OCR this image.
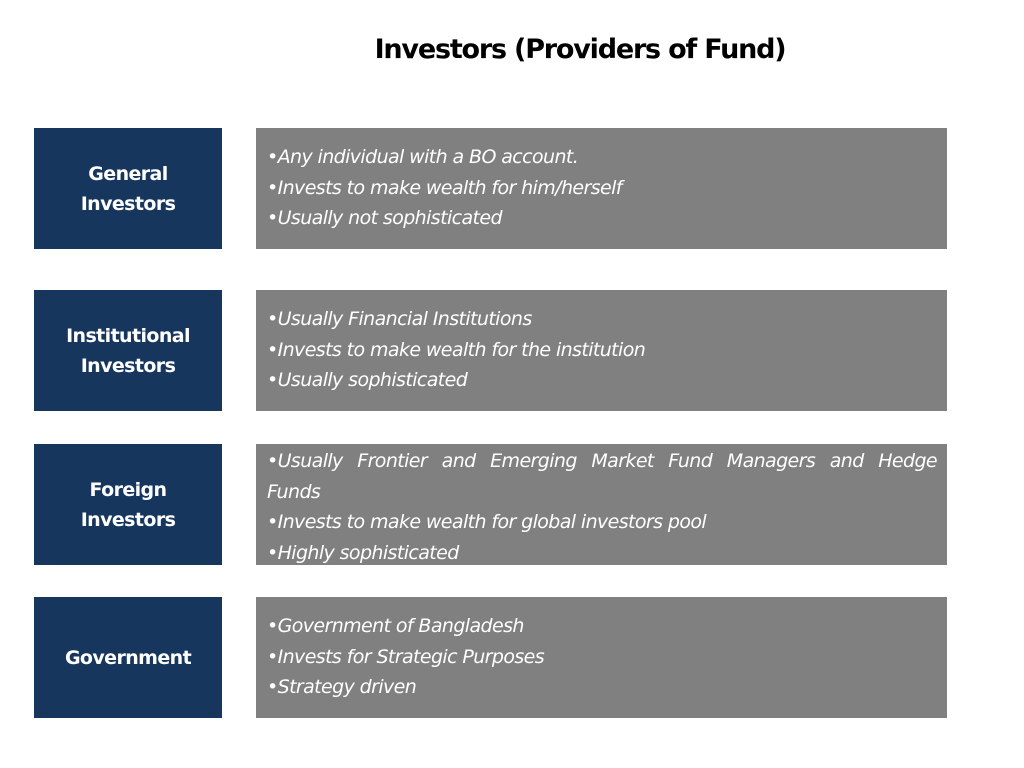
Investors (Providers of Fund)
General
Investors

•Any individual with a BO account.

•Invests to make wealth for him/herself

•Usually not sophisticated

Institutional
Investors

•Usually Financial Institutions

•Invests to make wealth for the institution

•Usually sophisticated

Foreign
Investors

•Usually Frontier and Emerging Market Fund Managers and Hedge Funds

•Invests to make wealth for global investors pool

•Highly sophisticated

Government

•Government of Bangladesh

•Invests for Strategic Purposes

•Strategy driven
